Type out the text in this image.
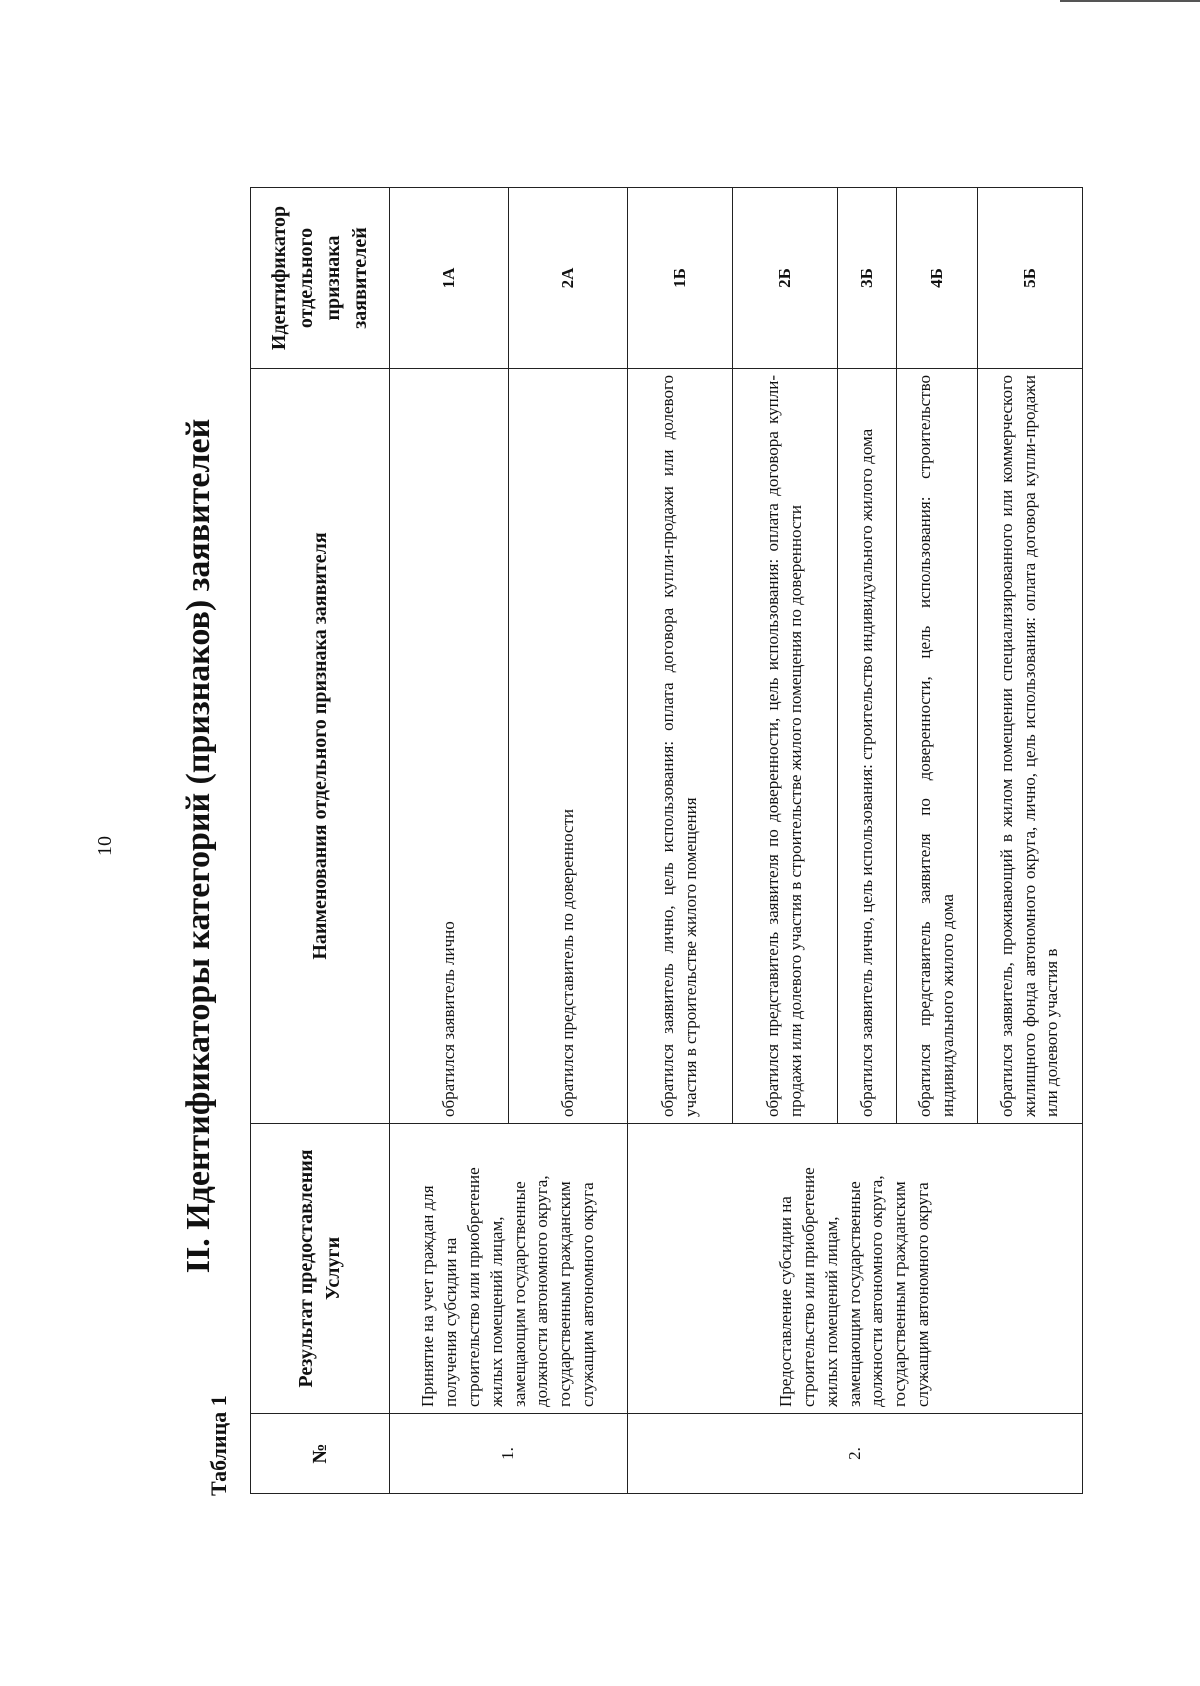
10 II. Идентификаторы категорий (признаков) заявителей
Таблица 1	№	Результат предоставления Услуги	Наименования отдельного признака заявителя	Идентификатор отдельного признака заявителей
1.	Принятие на учет граждан для получения субсидии на строительство или приобретение жилых помещений лицам, замещающим государственные должности автономного округа, государственным гражданским служащим автономного округа	обратился заявитель лично	1А
		обратился представитель по доверенности	2А
2.	Предоставление субсидии на строительство или приобретение жилых помещений лицам, замещающим государственные должности автономного округа, государственным гражданским служащим автономного округа	обратился заявитель лично, цель использования: оплата договора купли-продажи или долевого участия в строительстве жилого помещения	1Б
		обратился представитель заявителя по доверенности, цель использования: оплата договора купли-продажи или долевого участия в строительстве жилого помещения по доверенности	2Б
		обратился заявитель лично, цель использования: строительство индивидуального жилого дома	3Б
		обратился представитель заявителя по доверенности, цель использования: строительство индивидуального жилого дома	4Б
		обратился заявитель, проживающий в жилом помещении специализированного или коммерческого жилищного фонда автономного округа, лично, цель использования: оплата договора купли-продажи или долевого участия в	5Б
